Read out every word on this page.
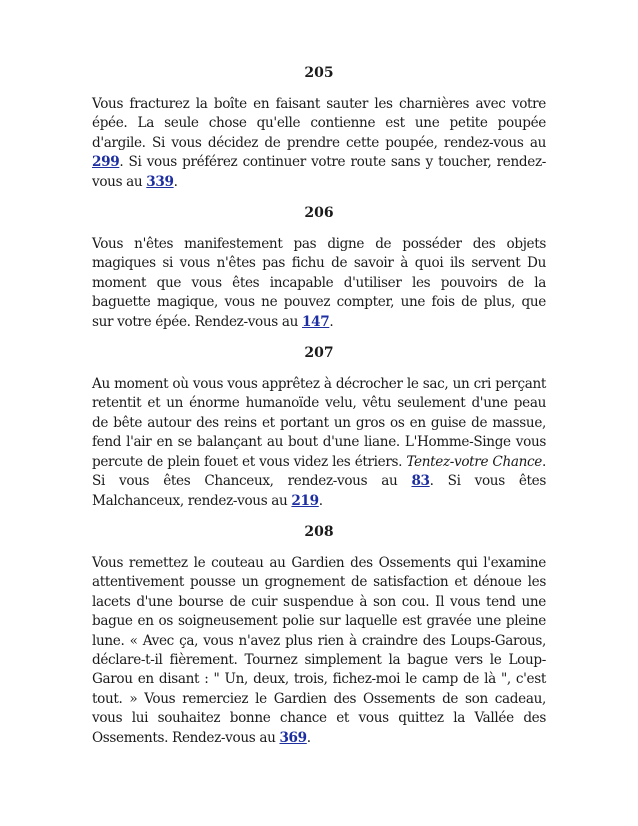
205

Vous fracturez la boîte en faisant sauter les charnières avec votre épée. La seule chose qu'elle contienne est une petite poupée d'argile. Si vous décidez de prendre cette poupée, rendez-vous au 299. Si vous préférez continuer votre route sans y toucher, rendez-vous au 339.

206

Vous n'êtes manifestement pas digne de posséder des objets magiques si vous n'êtes pas fichu de savoir à quoi ils servent Du moment que vous êtes incapable d'utiliser les pouvoirs de la baguette magique, vous ne pouvez compter, une fois de plus, que sur votre épée. Rendez-vous au 147.

207

Au moment où vous vous apprêtez à décrocher le sac, un cri perçant retentit et un énorme humanoïde velu, vêtu seulement d'une peau de bête autour des reins et portant un gros os en guise de massue, fend l'air en se balançant au bout d'une liane. L'Homme-Singe vous percute de plein fouet et vous videz les étriers. Tentez-votre Chance. Si vous êtes Chanceux, rendez-vous au 83. Si vous êtes Malchanceux, rendez-vous au 219.

208

Vous remettez le couteau au Gardien des Ossements qui l'examine attentivement pousse un grognement de satisfaction et dénoue les lacets d'une bourse de cuir suspendue à son cou. Il vous tend une bague en os soigneusement polie sur laquelle est gravée une pleine lune. « Avec ça, vous n'avez plus rien à craindre des Loups-Garous, déclare-t-il fièrement. Tournez simplement la bague vers le Loup-Garou en disant : " Un, deux, trois, fichez-moi le camp de là ", c'est tout. » Vous remerciez le Gardien des Ossements de son cadeau, vous lui souhaitez bonne chance et vous quittez la Vallée des Ossements. Rendez-vous au 369.
